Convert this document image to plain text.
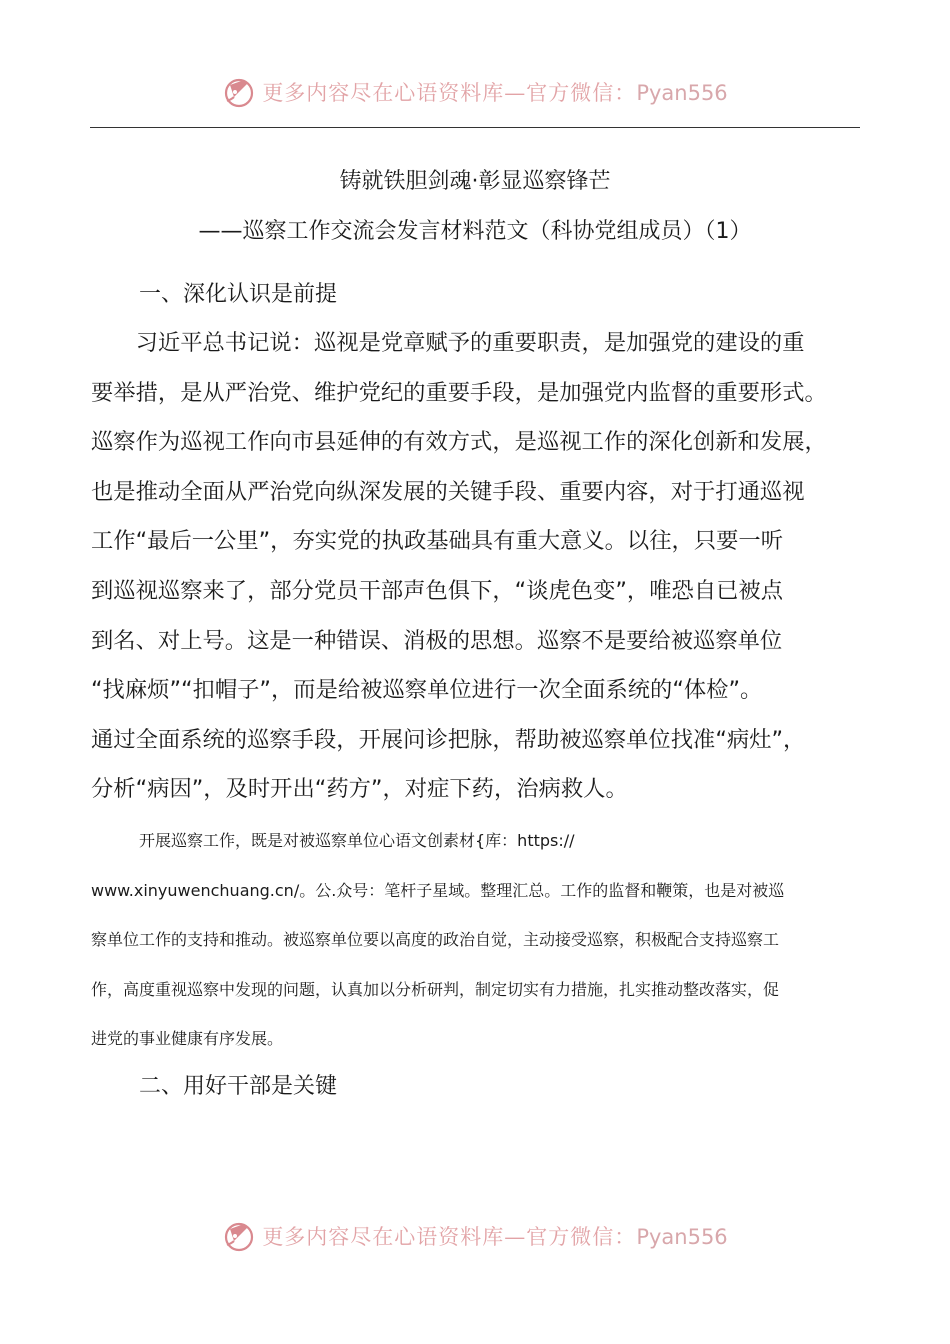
更多内容尽在心语资料库—官方微信：Pyan556
铸就铁胆剑魂·彰显巡察锋芒
——巡察工作交流会发言材料范文（科协党组成员）（1）
一、深化认识是前提
　　习近平总书记说：巡视是党章赋予的重要职责，是加强党的建设的重
要举措，是从严治党、维护党纪的重要手段，是加强党内监督的重要形式。
巡察作为巡视工作向市县延伸的有效方式，是巡视工作的深化创新和发展，
也是推动全面从严治党向纵深发展的关键手段、重要内容，对于打通巡视
工作“最后一公里”，夯实党的执政基础具有重大意义。以往，只要一听
到巡视巡察来了，部分党员干部声色俱下，“谈虎色变”，唯恐自已被点
到名、对上号。这是一种错误、消极的思想。巡察不是要给被巡察单位
“找麻烦”“扣帽子”，而是给被巡察单位进行一次全面系统的“体检”。
通过全面系统的巡察手段，开展问诊把脉，帮助被巡察单位找准“病灶”，
分析“病因”，及时开出“药方”，对症下药，治病救人。
　　　开展巡察工作，既是对被巡察单位心语文创素材{库：https://
www.xinyuwenchuang.cn/。公.众号：笔杆子星域。整理汇总。工作的监督和鞭策，也是对被巡
察单位工作的支持和推动。被巡察单位要以高度的政治自觉，主动接受巡察，积极配合支持巡察工
作，高度重视巡察中发现的问题，认真加以分析研判，制定切实有力措施，扎实推动整改落实，促
进党的事业健康有序发展。
二、用好干部是关键
更多内容尽在心语资料库—官方微信：Pyan556
